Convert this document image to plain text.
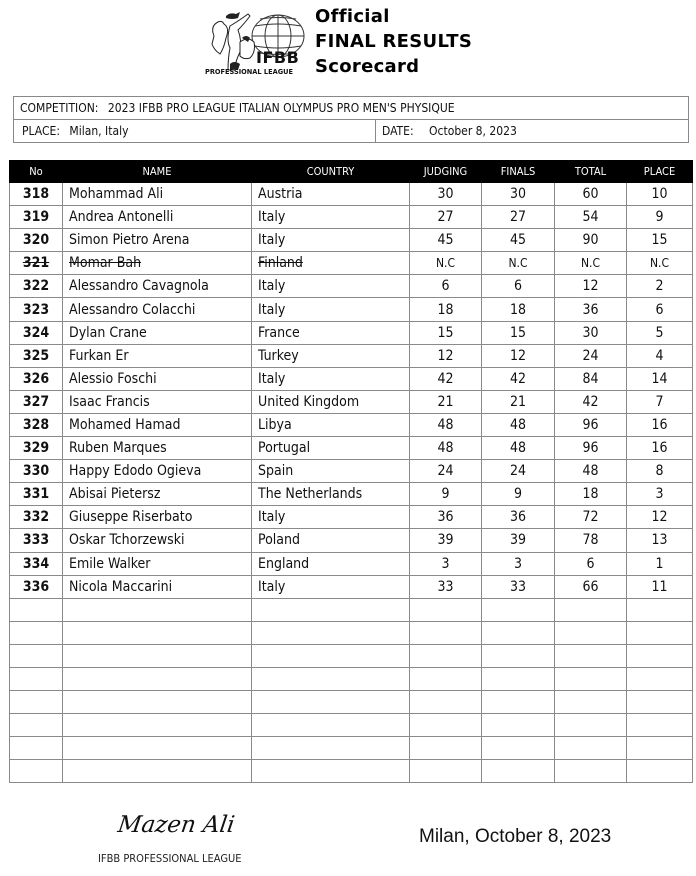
IFBB
PROFESSIONAL LEAGUE
Official
FINAL RESULTS
Scorecard
COMPETITION: 2023 IFBB PRO LEAGUE ITALIAN OLYMPUS PRO MEN'S PHYSIQUE
PLACE: Milan, Italy	DATE: October 8, 2023
No	NAME	COUNTRY	JUDGING	FINALS	TOTAL	PLACE
318	Mohammad Ali	Austria	30	30	60	10
319	Andrea Antonelli	Italy	27	27	54	9
320	Simon Pietro Arena	Italy	45	45	90	15
321	Momar Bah	Finland	N.C	N.C	N.C	N.C
322	Alessandro Cavagnola	Italy	6	6	12	2
323	Alessandro Colacchi	Italy	18	18	36	6
324	Dylan Crane	France	15	15	30	5
325	Furkan Er	Turkey	12	12	24	4
326	Alessio Foschi	Italy	42	42	84	14
327	Isaac Francis	United Kingdom	21	21	42	7
328	Mohamed Hamad	Libya	48	48	96	16
329	Ruben Marques	Portugal	48	48	96	16
330	Happy Edodo Ogieva	Spain	24	24	48	8
331	Abisai Pietersz	The Netherlands	9	9	18	3
332	Giuseppe Riserbato	Italy	36	36	72	12
333	Oskar Tchorzewski	Poland	39	39	78	13
334	Emile Walker	England	3	3	6	1
336	Nicola Maccarini	Italy	33	33	66	11

Mazen Ali
IFBB PROFESSIONAL LEAGUE
Milan, October 8, 2023
